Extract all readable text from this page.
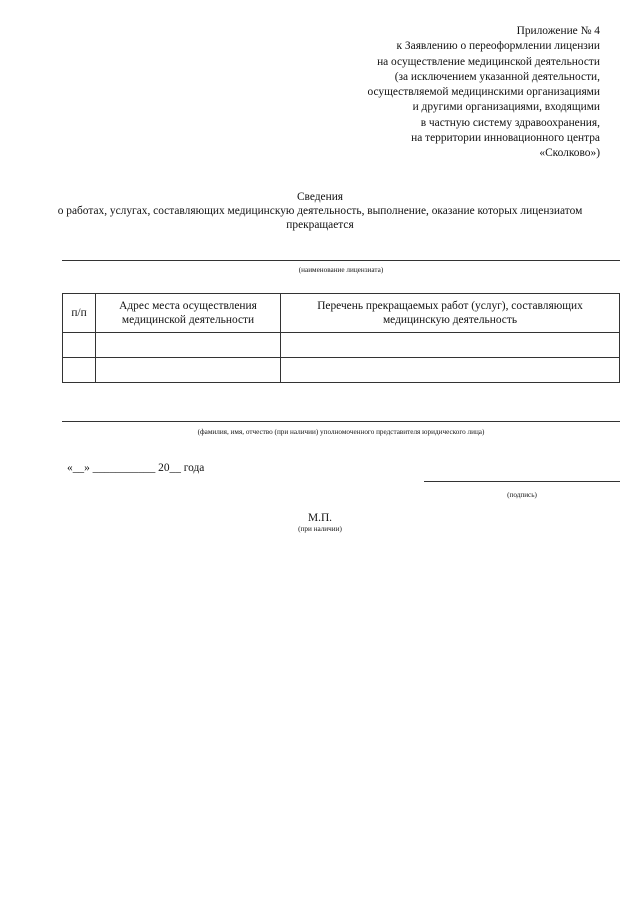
Приложение № 4
к Заявлению о переоформлении лицензии
на осуществление медицинской деятельности
(за исключением указанной деятельности,
осуществляемой медицинскими организациями
и другими организациями, входящими
в частную систему здравоохранения,
на территории инновационного центра
«Сколково»)
Сведения
о работах, услугах, составляющих медицинскую деятельность, выполнение, оказание которых лицензиатом
прекращается
(наименование лицензиата)
п/п	Адрес места осуществления медицинской деятельности	Перечень прекращаемых работ (услуг), составляющих медицинскую деятельность

(фамилия, имя, отчество (при наличии) уполномоченного представителя юридического лица)
«__» ___________ 20__ года
(подпись)
М.П.
(при наличии)
